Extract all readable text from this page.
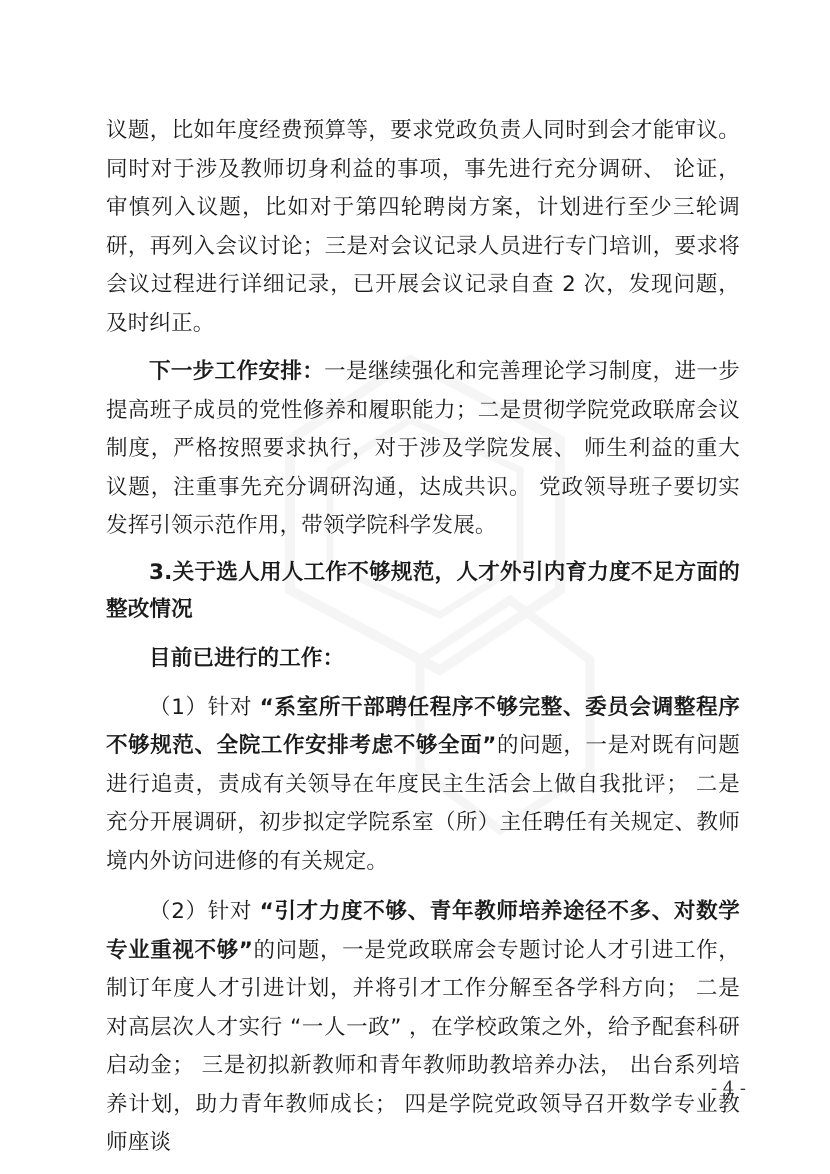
议题，比如年度经费预算等，要求党政负责人同时到会才能审议。同时对于涉及教师切身利益的事项，事先进行充分调研、 论证，审慎列入议题，比如对于第四轮聘岗方案，计划进行至少三轮调研，再列入会议讨论；三是对会议记录人员进行专门培训，要求将会议过程进行详细记录，已开展会议记录自查 2 次，发现问题，及时纠正。

下一步工作安排：一是继续强化和完善理论学习制度，进一步提高班子成员的党性修养和履职能力；二是贯彻学院党政联席会议制度，严格按照要求执行，对于涉及学院发展、 师生利益的重大议题，注重事先充分调研沟通，达成共识。 党政领导班子要切实发挥引领示范作用，带领学院科学发展。

3.关于选人用人工作不够规范，人才外引内育力度不足方面的整改情况

目前已进行的工作：

（1）针对 “系室所干部聘任程序不够完整、委员会调整程序不够规范、全院工作安排考虑不够全面”的问题，一是对既有问题进行追责，责成有关领导在年度民主生活会上做自我批评； 二是充分开展调研，初步拟定学院系室（所）主任聘任有关规定、教师境内外访问进修的有关规定。

（2）针对 “引才力度不够、青年教师培养途径不多、对数学专业重视不够”的问题，一是党政联席会专题讨论人才引进工作，制订年度人才引进计划，并将引才工作分解至各学科方向； 二是对高层次人才实行 “一人一政” ，在学校政策之外，给予配套科研启动金； 三是初拟新教师和青年教师助教培养办法， 出台系列培养计划，助力青年教师成长； 四是学院党政领导召开数学专业教师座谈

- 4 -
